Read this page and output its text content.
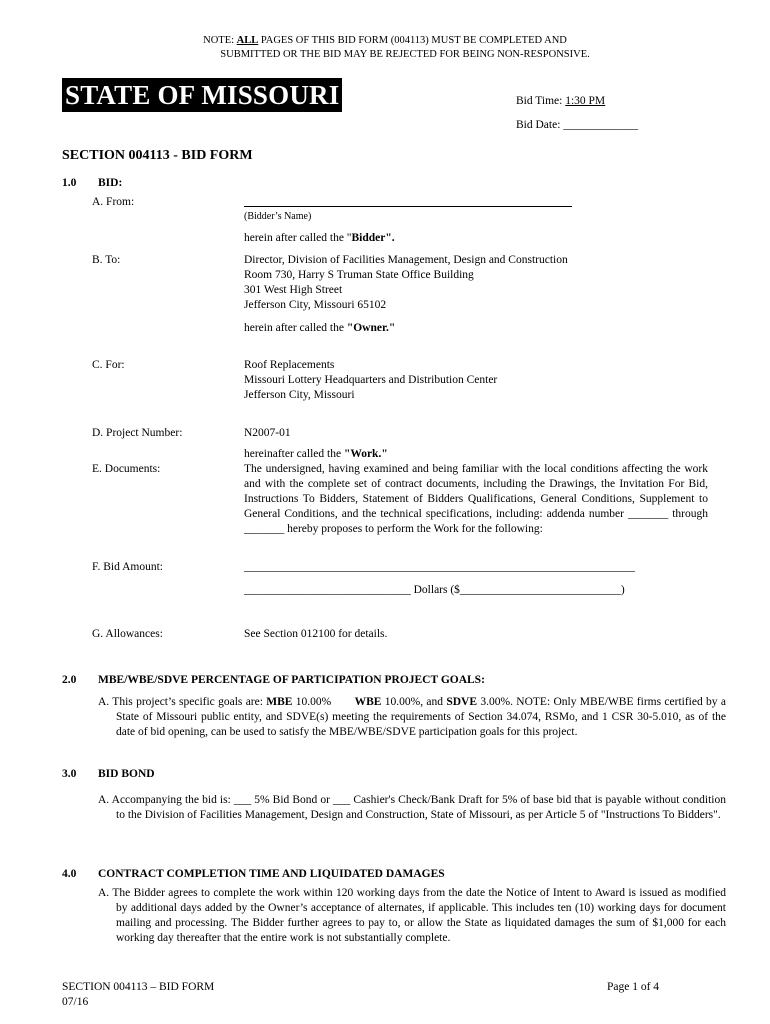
NOTE: ALL PAGES OF THIS BID FORM (004113) MUST BE COMPLETED AND
SUBMITTED OR THE BID MAY BE REJECTED FOR BEING NON-RESPONSIVE.
STATE OF MISSOURI	Bid Time: 1:30 PM
Bid Date: _____________
SECTION 004113 - BID FORM
1.0 BID:
A. From:
(Bidder’s Name)
herein after called the "Bidder".
B. To:	Director, Division of Facilities Management, Design and Construction
Room 730, Harry S Truman State Office Building
301 West High Street
Jefferson City, Missouri 65102
herein after called the "Owner."
C. For:	Roof Replacements
Missouri Lottery Headquarters and Distribution Center
Jefferson City, Missouri
D. Project Number:	N2007-01
hereinafter called the "Work."
E. Documents:	The undersigned, having examined and being familiar with the local conditions affecting the work and with the complete set of contract documents, including the Drawings, the Invitation For Bid, Instructions To Bidders, Statement of Bidders Qualifications, General Conditions, Supplement to General Conditions, and the technical specifications, including: addenda number _______ through _______ hereby proposes to perform the Work for the following:
F. Bid Amount:	____________________________________________________________________
_____________________________ Dollars ($____________________________)
G. Allowances:	See Section 012100 for details.
2.0 MBE/WBE/SDVE PERCENTAGE OF PARTICIPATION PROJECT GOALS:
A. This project’s specific goals are: MBE 10.00%       WBE 10.00%, and SDVE 3.00%. NOTE: Only MBE/WBE firms certified by a State of Missouri public entity, and SDVE(s) meeting the requirements of Section 34.074, RSMo, and 1 CSR 30-5.010, as of the date of bid opening, can be used to satisfy the MBE/WBE/SDVE participation goals for this project.
3.0 BID BOND
A. Accompanying the bid is: ___ 5% Bid Bond or ___ Cashier's Check/Bank Draft for 5% of base bid that is payable without condition to the Division of Facilities Management, Design and Construction, State of Missouri, as per Article 5 of "Instructions To Bidders".
4.0 CONTRACT COMPLETION TIME AND LIQUIDATED DAMAGES
A. The Bidder agrees to complete the work within 120 working days from the date the Notice of Intent to Award is issued as modified by additional days added by the Owner’s acceptance of alternates, if applicable. This includes ten (10) working days for document mailing and processing. The Bidder further agrees to pay to, or allow the State as liquidated damages the sum of $1,000 for each working day thereafter that the entire work is not substantially complete.
SECTION 004113 – BID FORM
07/16
Page 1 of 4
